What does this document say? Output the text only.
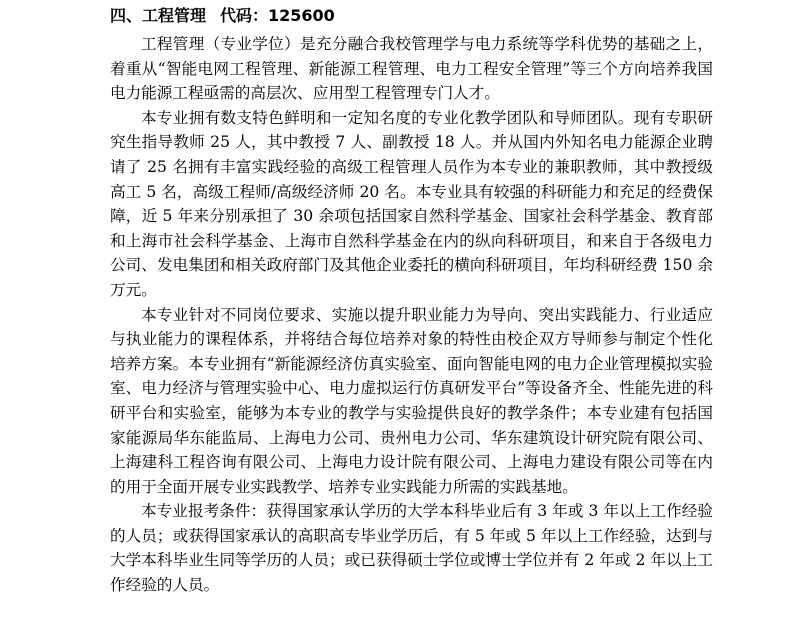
四、工程管理 代码：125600

工程管理（专业学位）是充分融合我校管理学与电力系统等学科优势的基础之上，着重从“智能电网工程管理、新能源工程管理、电力工程安全管理”等三个方向培养我国电力能源工程亟需的高层次、应用型工程管理专门人才。

本专业拥有数支特色鲜明和一定知名度的专业化教学团队和导师团队。现有专职研究生指导教师 25 人，其中教授 7 人、副教授 18 人。并从国内外知名电力能源企业聘请了 25 名拥有丰富实践经验的高级工程管理人员作为本专业的兼职教师，其中教授级高工 5 名，高级工程师/高级经济师 20 名。本专业具有较强的科研能力和充足的经费保障，近 5 年来分别承担了 30 余项包括国家自然科学基金、国家社会科学基金、教育部和上海市社会科学基金、上海市自然科学基金在内的纵向科研项目，和来自于各级电力公司、发电集团和相关政府部门及其他企业委托的横向科研项目，年均科研经费 150 余万元。

本专业针对不同岗位要求、实施以提升职业能力为导向、突出实践能力、行业适应与执业能力的课程体系，并将结合每位培养对象的特性由校企双方导师参与制定个性化培养方案。本专业拥有“新能源经济仿真实验室、面向智能电网的电力企业管理模拟实验室、电力经济与管理实验中心、电力虚拟运行仿真研发平台”等设备齐全、性能先进的科研平台和实验室，能够为本专业的教学与实验提供良好的教学条件；本专业建有包括国家能源局华东能监局、上海电力公司、贵州电力公司、华东建筑设计研究院有限公司、上海建科工程咨询有限公司、上海电力设计院有限公司、上海电力建设有限公司等在内的用于全面开展专业实践教学、培养专业实践能力所需的实践基地。

本专业报考条件：获得国家承认学历的大学本科毕业后有 3 年或 3 年以上工作经验的人员；或获得国家承认的高职高专毕业学历后，有 5 年或 5 年以上工作经验，达到与大学本科毕业生同等学历的人员；或已获得硕士学位或博士学位并有 2 年或 2 年以上工作经验的人员。
